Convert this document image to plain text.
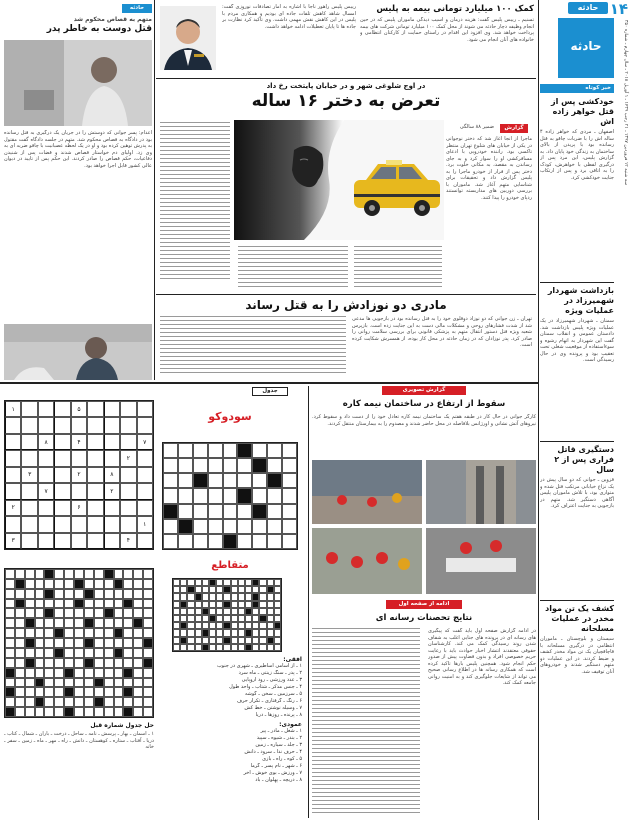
۱۴
حادثه
سه شنبه ۱۲ فروردین ۱۳۹۷ ـ ۲۱ رجب ۱۴۳۹ ـ ۱ آوریل ۲۰۱۸ ـ سال چهارم ـ شماره ۳۵۰
حادثه
خبر کوتاه
خودکشی پس از قتل خواهر زاده اش
اصفهان ـ مردی که خواهر زاده ۴ ساله اش را با ضربات چاقو به قتل رسانده بود با پریدن از بالای ساختمان به زندگی خود پایان داد. به گزارش پلیس، این مرد پس از درگیری لفظی با خواهرش، کودک را به اتاقی برد و پس از ارتکاب جنایت خودکشی کرد.
بازداشت شهردار شهمیرزاد در عملیات ویژه
سمنان ـ شهردار شهمیرزاد در یک عملیات ویژه پلیس بازداشت شد. دادستان عمومی و انقلاب سمنان گفت این شهردار به اتهام رشوه و سوءاستفاده از موقعیت شغلی تحت تعقیب بود و پرونده وی در حال رسیدگی است.
دستگیری قاتل فراری پس از ۲ سال
قزوین ـ جوانی که دو سال پیش در یک نزاع خیابانی مرتکب قتل شده و متواری بود، با تلاش ماموران پلیس آگاهی دستگیر شد. متهم در بازجویی به جنایت اعتراف کرد.
کشف یک تن مواد مخدر در عملیات مسلحانه
سیستان و بلوچستان ـ ماموران انتظامی در درگیری مسلحانه با قاچاقچیان یک تن مواد مخدر کشف و ضبط کردند. در این عملیات دو متهم دستگیر شدند و خودروهای آنان توقیف شد.
کمک ۱۰۰ میلیارد تومانی بیمه به پلیس
تسنیم ـ رییس پلیس گفت: هزینه درمان و آسیب دیدگی ماموران پلیس که در حین انجام وظیفه دچار حادثه می شوند از محل کمک ۱۰۰ میلیارد تومانی شرکت های بیمه پرداخت خواهد شد. وی افزود این اقدام در راستای حمایت از کارکنان انتظامی و خانواده های آنان انجام می شود.
رییس پلیس راهور ناجا با اشاره به آمار تصادفات نوروزی گفت: امسال شاهد کاهش تلفات جاده ای بودیم و همکاری مردم با پلیس در این کاهش نقش مهمی داشت. وی تاکید کرد نظارت بر جاده ها تا پایان تعطیلات ادامه خواهد داشت.
در اوج شلوغی شهر و در خیابان پایتخت رخ داد
تعرض به دختر ۱۶ ساله
گزارش
ضمیر ۸۸ سالگی
ماجرا از آنجا آغاز شد که دختر نوجوانی در یکی از خیابان های شلوغ تهران منتظر تاکسی بود. راننده خودرویی با ادعای مسافرکشی او را سوار کرد و به جای رساندن به مقصد، به مکانی خلوت برد. دختر پس از فرار از خودرو ماجرا را به پلیس گزارش داد و تحقیقات برای شناسایی متهم آغاز شد. ماموران با بررسی دوربین های مداربسته توانستند ردپای خودرو را پیدا کنند.
مادری دو نوزادش را به قتل رساند
تهران ـ زن جوانی که دو نوزاد دوقلوی خود را به قتل رسانده بود در بازجویی ها مدعی شد از شدت فشارهای روحی و مشکلات مالی دست به این جنایت زده است. بازپرس شعبه ویژه قتل دستور انتقال متهم به پزشکی قانونی برای بررسی سلامت روانی را صادر کرد. پدر نوزادان که در زمان حادثه در محل کار بوده، از همسرش شکایت کرده است.
حادثه
متهم به قصاص محکوم شد
قتل دوست به خاطر پدر
اعدام: پسر جوانی که دوستش را در جریان یک درگیری به قتل رسانده بود در دادگاه به قصاص محکوم شد. متهم در جلسه دادگاه گفت مقتول به پدرش توهین کرده بود و او در یک لحظه عصبانیت با چاقو ضربه ای به وی زد. اولیای دم خواستار قصاص شدند و قضات پس از شنیدن دفاعیات، حکم قصاص را صادر کردند. این حکم پس از تایید در دیوان عالی کشور قابل اجرا خواهد بود.
گزارش تصویری
سقوط از ارتفاع در ساختمان نیمه کاره
کارگر جوانی در حال کار در طبقه هفتم یک ساختمان نیمه کاره تعادل خود را از دست داد و سقوط کرد. نیروهای آتش نشانی و اورژانس بلافاصله در محل حاضر شدند و مصدوم را به بیمارستان منتقل کردند.
ادامه از صفحه اول
نتایج تحصنات رسانه ای
در ادامه گزارش صفحه اول باید گفت که پیگیری های رسانه ای در پرونده های جنایی اغلب به شفاف شدن روند رسیدگی کمک می کند. کارشناسان حقوقی معتقدند انتشار اخبار حوادث باید با رعایت حریم خصوصی افراد و بدون قضاوت پیش از صدور حکم انجام شود. همچنین پلیس بارها تاکید کرده است که همکاری رسانه ها در اطلاع رسانی صحیح می تواند از شایعات جلوگیری کند و به امنیت روانی جامعه کمک کند.
جدول
۵
۱
۷
۴
۸
۲
۸
۲
۳
۲
۷
۶
۲
۱
۴
۳
سودوکو
متقاطع
افقی:
۱ ـ از اسامی اساطیری ـ شهری در جنوب
۲ ـ پدر ـ سنگ زینتی ـ ماه سرد
۳ ـ عدد ورزشی ـ رود اروپایی
۴ ـ جنس مذکر ـ شتاب ـ واحد طول
۵ ـ سرزمین ـ سخن ـ گوشه
۶ ـ رنگ ـ گرفتاری ـ تکرار حرف
۷ ـ وسیله نوشتن ـ خط کش
۸ ـ پرنده ـ روزها ـ دریا
عمودی:
۱ ـ شغل ـ مادر ـ پیر
۲ ـ بندر ـ شیوه ـ سپید
۳ ـ جلد ـ سیاره ـ زمین
۴ ـ حرف ندا ـ سرود ـ دانش
۵ ـ کوه ـ راه ـ بازی
۶ ـ شهر ـ نام پسر ـ گرما
۷ ـ ورزش ـ بوی خوش ـ آخر
۸ ـ دریچه ـ پهلوان ـ باد
حل جدول شماره قبل
۱ ـ آسمان ـ بهار ـ پرسش ـ نامه ـ ساحل ـ درخت ـ باران ـ شمال ـ کتاب ـ دریا ـ آفتاب ـ ستاره ـ کوهستان ـ دانش ـ راه ـ مهر ـ ماه ـ زمین ـ سفر ـ خانه
